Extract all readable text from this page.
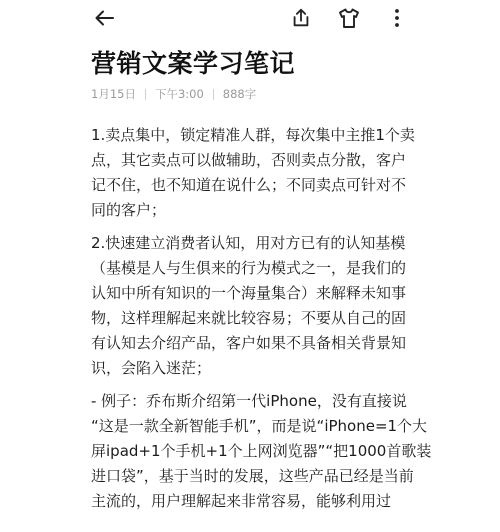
营销文案学习笔记
1月15日 下午3:00 888字
1.卖点集中，锁定精准人群，每次集中主推1个卖
点，其它卖点可以做辅助，否则卖点分散，客户
记不住，也不知道在说什么；不同卖点可针对不
同的客户；
2.快速建立消费者认知，用对方已有的认知基模
（基模是人与生俱来的行为模式之一，是我们的
认知中所有知识的一个海量集合）来解释未知事
物，这样理解起来就比较容易；不要从自己的固
有认知去介绍产品，客户如果不具备相关背景知
识，会陷入迷茫；
- 例子：乔布斯介绍第一代iPhone，没有直接说
“这是一款全新智能手机”，而是说“iPhone=1个大
屏ipad+1个手机+1个上网浏览器”“把1000首歌装
进口袋”，基于当时的发展，这些产品已经是当前
主流的，用户理解起来非常容易，能够利用过
